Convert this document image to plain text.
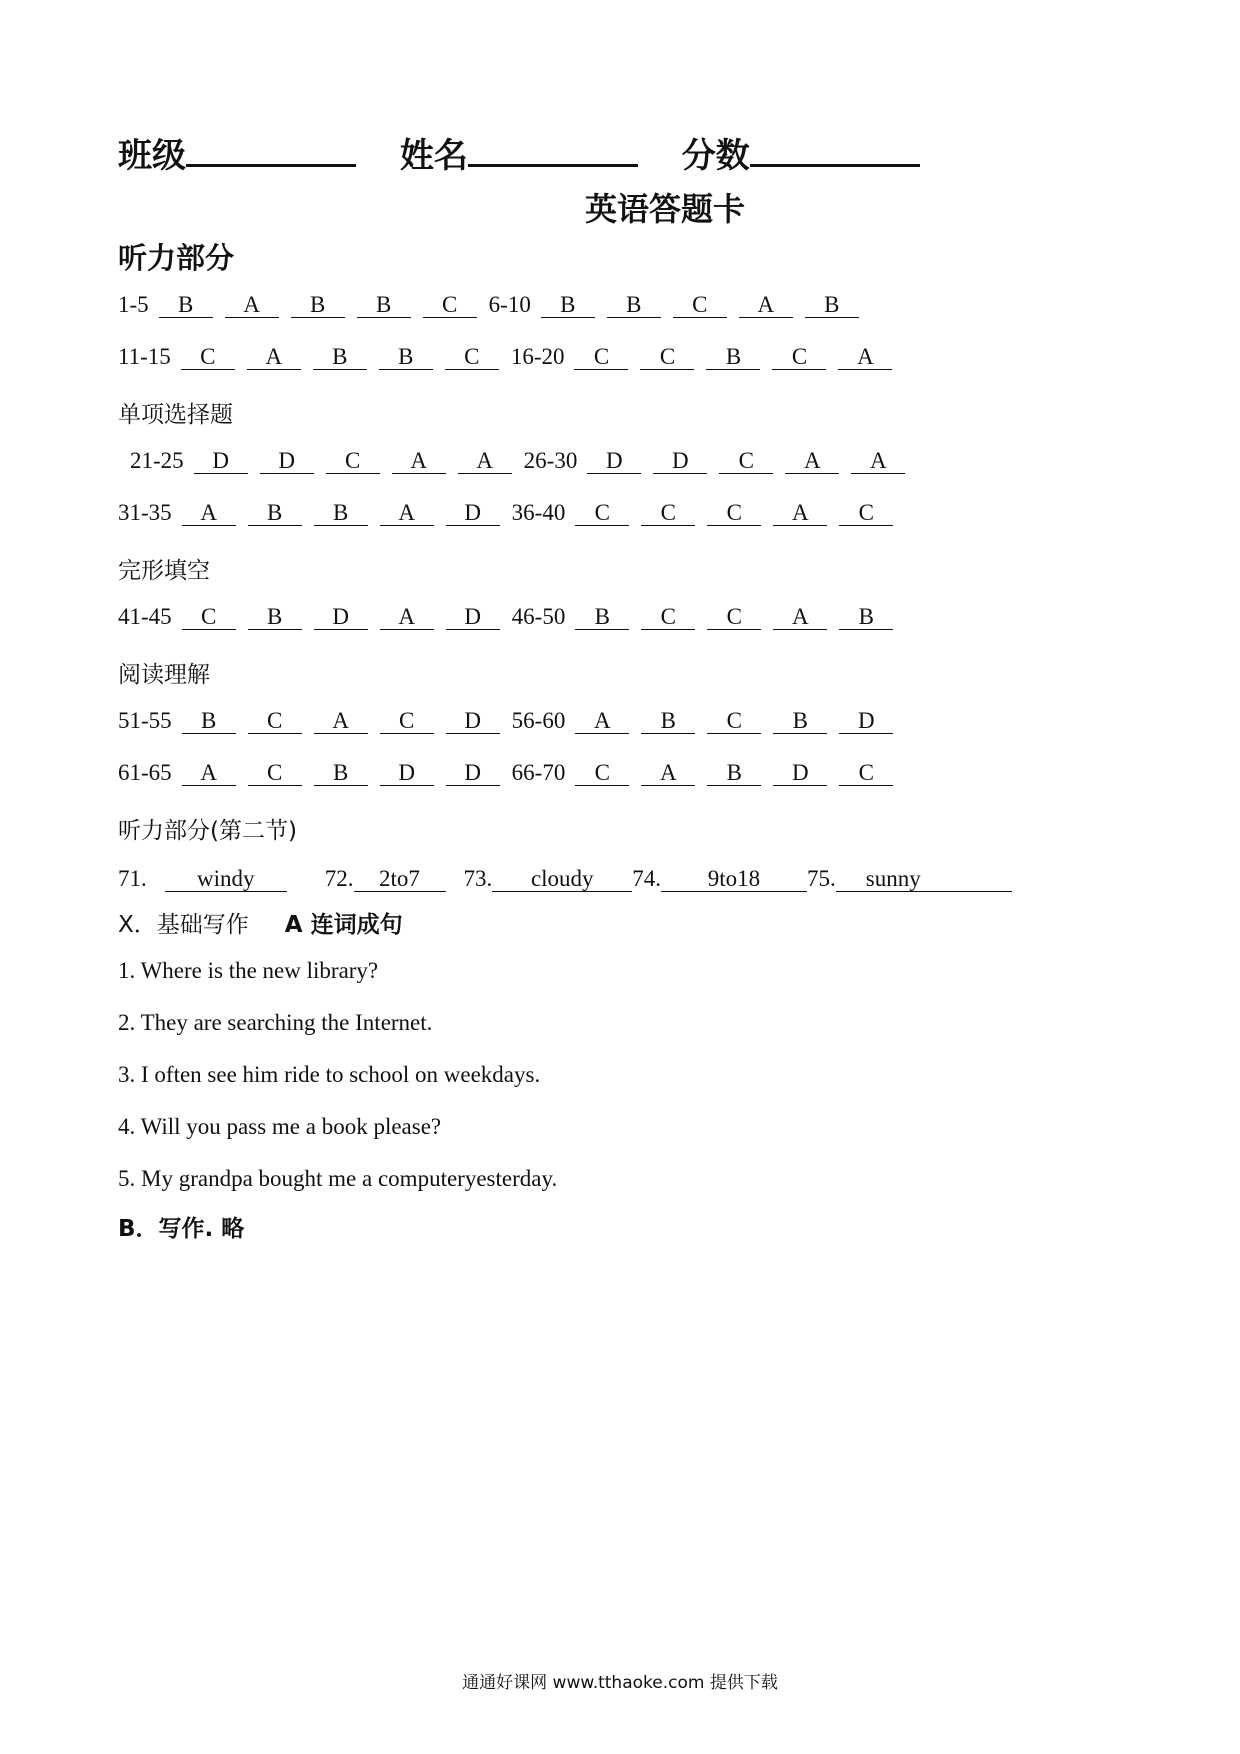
班级	姓名	分数
英语答题卡
听力部分
1-5	B	A	B	B	C	6-10	B	B	C	A	B
11-15	C	A	B	B	C	16-20	C	C	B	C	A
单项选择题
21-25	D	D	C	A	A	26-30	D	D	C	A	A
31-35	A	B	B	A	D	36-40	C	C	C	A	C
完形填空
41-45	C	B	D	A	D	46-50	B	C	C	A	B
阅读理解
51-55	B	C	A	C	D	56-60	A	B	C	B	D
61-65	A	C	B	D	D	66-70	C	A	B	D	C
听力部分(第二节)
71.	windy	72.	2to7	73.	cloudy	74.	9to18	75.	sunny
X．基础写作 A 连词成句
1. Where is the new library?
2. They are searching the Internet.
3. I often see him ride to school on weekdays.
4. Will you pass me a book please?
5. My grandpa bought me a computeryesterday.
B．写作. 略
通通好课网 www.tthaoke.com 提供下载
